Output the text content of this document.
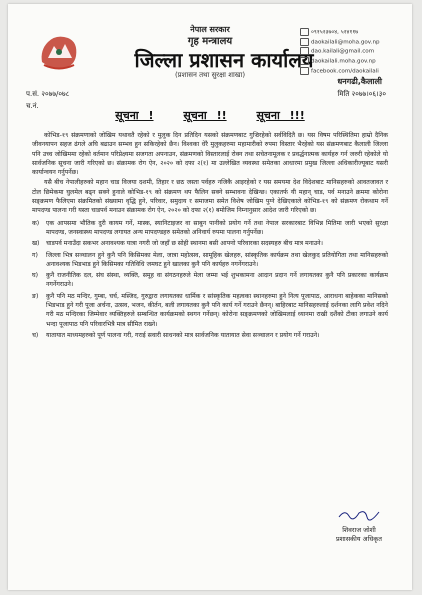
नेपाल सरकार
गृह मन्त्रालय
जिल्ला प्रशासन कार्यालय
(प्रशासन तथा सुरक्षा शाखा)
०९१५२३७०४, ५२४११७
daokailali@moha.gov.np
dao.kailali@gmail.com
daokailali.moha.gov.np
facebook.com/daokailali
प.सं. २०७७/०७८
च.नं.
धनगढी,कैलाली
मिति २०७७।०६।३०
सूचना !	सूचना !!	सूचना !!!

कोभिड-१९ संक्रमणाको जोखिम यथावतै रहेको र मुलुक दिन प्रतिदिन यसको संक्रमणबाट गुज्रिरहेको सर्वविदितै छ। यस विषम परिस्थितिमा हाम्रो दैनिक जीवनयापन सहज ढंगले अघि बढाउन सम्भव हुन सकिरहेको छैन। विश्वका धेरै मुलुकहरुमा महामारीको रुपमा विस्तार भैरहेको यस संक्रमणबाट कैलाली जिल्ला पनि उच्च जोखिममा रहेको वर्तमान परिप्रेक्ष्यमा सजगता अपनाउन, संक्रमणको विस्तारलाई रोक्न तथा सचेतनामूलक र प्रवर्द्धनात्मक कार्यहरु गर्न जरुरी रहेकोले यो सार्वजनिक सूचना जारी गरिएको छ। संक्रामक रोग ऐन, २०२० को दफा २(१) मा उल्लेखित व्यवस्था समेतका आधारमा प्रमुख जिल्ला अधिकारीज्यूबाट यसरी कार्यान्वयन गर्नुपर्नेछ।

यसै बीच नेपालीहरुको महान चाड विजया दशमी, तिहार र छठ जस्ता पर्वहरु नजिकै आइरहेको र यस समयमा देश विदेशबाट मानिसहरुको आवतजावत र टोल छिमेकमा घुलमेल बढ्न सक्ने हुनाले कोभिड-१९ को संक्रमण थप फैलिन सक्ने सम्भावना देखिन्छ। एकातर्फ यी महान् चाड, पर्व मनाउने क्रममा कोरोना सङ्क्रमण फैलिएमा संक्रमितको संख्यामा वृद्धि हुने, परिवार, समुदाय र समाजमा समेत विशेष जोखिम पुग्ने देखिएकाले कोभिड-१९ को संक्रमण रोकथाम गर्ने मापदण्ड पालना गरी यस्ता चाडपर्व मनाउन संक्रामक रोग ऐन, २०२० को दफा २(१) बमोजिम निम्नानुसार आदेश जारी गरिएको छ।

क) एक आपसमा भौतिक दुरी कायम गर्ने, मास्क, स्यानिटाइजर वा साबुन पानीको प्रयोग गर्ने तथा नेपाल सरकारबाट विभिन्न मितिमा जारी भएको सुरक्षा मापदण्ड, जनस्वास्थ्य मापदण्ड लगायत अन्य मापदण्डहरु समेतको अनिवार्य रुपमा पालना गर्नुपर्नेछ।
ख) चाडपर्व मनाउँदा सकभर अनावश्यक यात्रा नगरी जो जहाँ छ सोही स्थानमा बसी आफ्नो परिवारका सदस्यहरु बीच मात्र मनाउने।
ग) जिल्ला भित्र सञ्चालन हुने कुनै पनि किसिमका मेला, जात्रा महोत्सव, सामूहिक खेलहरु, सांस्कृतिक कार्यक्रम तथा खेलकुद प्रतियोगिता तथा मानिसहरुको अनावश्यक भिडभाड हुने किसिमका गतिविधि जमघट हुने खालका कुनै पनि कार्यहरु नगर्नेगराउने।
घ) कुनै राजनीतिक दल, संघ संस्था, व्यक्ति, समूह वा संगठनहरुले मेला जम्मा भई शुभकामना आदान प्रदान गर्ने लगायतका कुनै पनि प्रकारका कार्यक्रम नगर्नेगराउने।
ङ) कुनै पनि मठ मन्दिर, गुम्बा, चर्च, मस्जिद, गुरुद्वारा लगायतका धार्मिक र सांस्कृतिक महत्वका स्थानहरुमा हुने नित्य पूजापाठ, आराधना बाहेकका मानिसको भिडभाड हुने गरी पूजा अर्चना, उत्सव, भजन, कीर्तन, बली लगायतका कुनै पनि कार्य गर्ने गराउने छैनन्। बाहिरबाट मानिसहरुलाई दर्शनका लागि प्रवेश नदिने गरी मठ मन्दिरका जिम्मेवार व्यक्तिहरुले सम्बन्धित कार्यक्रमको स्थगन गर्नेछन्। कोरोना सङ्क्रमणको जोखिमलाई ध्यानमा राखी दशैंको टीका लगाउने कार्य भन्दा पूजापाठ पनि परिवारभित्रै मात्र सीमित राख्ने।
च) यातायात माध्यमहरुको पूर्ण पालना गरी, गराई सवारी साधनको मात्र सार्वजनिक यातायात सेवा सञ्चालन र प्रयोग गर्ने गराउने।
शिवराज जोशी
प्रशासकीय अधिकृत
